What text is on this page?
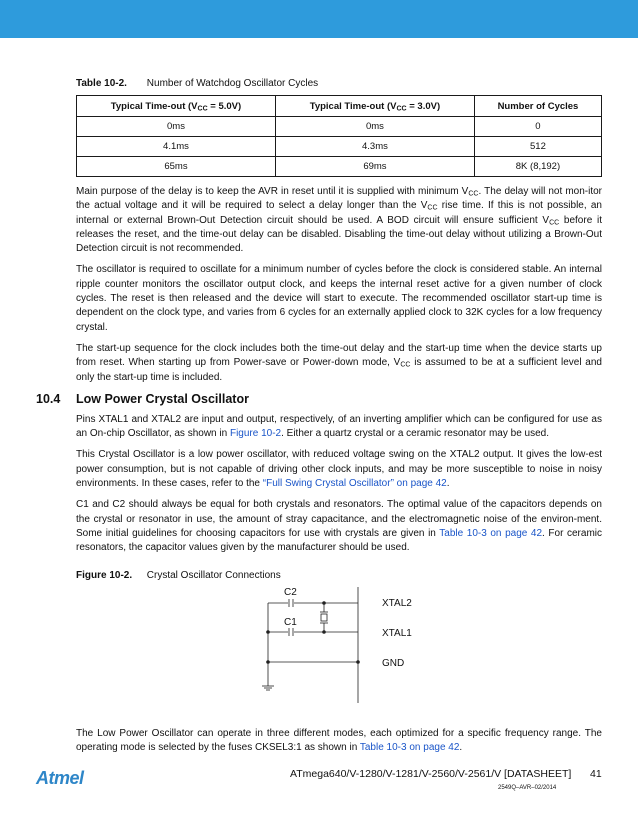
Table 10-2. Number of Watchdog Oscillator Cycles
Typical Time-out $(V_{CC} = 5.0V)$	Typical Time-out $(V_{CC} = 3.0V)$	Number of Cycles
0ms	0ms	0
4.1ms	4.3ms	512
65ms	69ms	8K (8,192)

Main purpose of the delay is to keep the AVR in reset until it is supplied with minimum $V_{CC}$. The delay will not mon-itor the actual voltage and it will be required to select a delay longer than the $V_{CC}$ rise time. If this is not possible, an internal or external Brown-Out Detection circuit should be used. A BOD circuit will ensure sufficient $V_{CC}$ before it releases the reset, and the time-out delay can be disabled. Disabling the time-out delay without utilizing a Brown-Out Detection circuit is not recommended.

The oscillator is required to oscillate for a minimum number of cycles before the clock is considered stable. An internal ripple counter monitors the oscillator output clock, and keeps the internal reset active for a given number of clock cycles. The reset is then released and the device will start to execute. The recommended oscillator start-up time is dependent on the clock type, and varies from 6 cycles for an externally applied clock to 32K cycles for a low frequency crystal.

The start-up sequence for the clock includes both the time-out delay and the start-up time when the device starts up from reset. When starting up from Power-save or Power-down mode, $V_{CC}$ is assumed to be at a sufficient level and only the start-up time is included.

10.4 Low Power Crystal Oscillator

Pins XTAL1 and XTAL2 are input and output, respectively, of an inverting amplifier which can be configured for use as an On-chip Oscillator, as shown in Figure 10-2. Either a quartz crystal or a ceramic resonator may be used.

This Crystal Oscillator is a low power oscillator, with reduced voltage swing on the XTAL2 output. It gives the low-est power consumption, but is not capable of driving other clock inputs, and may be more susceptible to noise in noisy environments. In these cases, refer to the “Full Swing Crystal Oscillator” on page 42.

C1 and C2 should always be equal for both crystals and resonators. The optimal value of the capacitors depends on the crystal or resonator in use, the amount of stray capacitance, and the electromagnetic noise of the environ-ment. Some initial guidelines for choosing capacitors for use with crystals are given in Table 10-3 on page 42. For ceramic resonators, the capacitor values given by the manufacturer should be used.

Figure 10-2. Crystal Oscillator Connections
C2
C1
XTAL2
XTAL1
GND

The Low Power Oscillator can operate in three different modes, each optimized for a specific frequency range. The operating mode is selected by the fuses CKSEL3:1 as shown in Table 10-3 on page 42.

Atmel	ATmega640/V-1280/V-1281/V-2560/V-2561/V [DATASHEET] 41
2549Q–AVR–02/2014
